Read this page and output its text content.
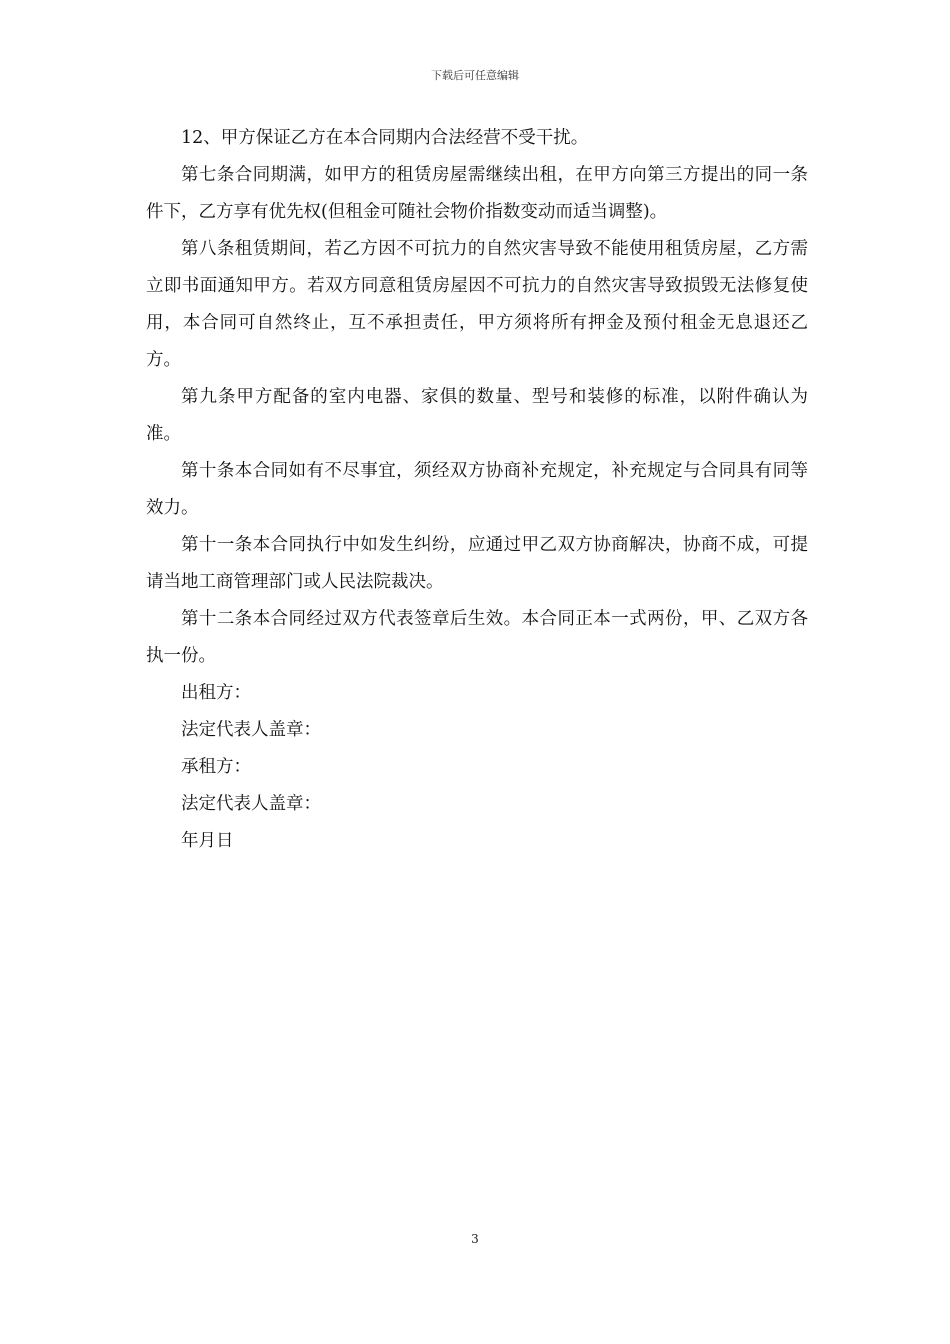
下载后可任意编辑

12、甲方保证乙方在本合同期内合法经营不受干扰。

第七条合同期满，如甲方的租赁房屋需继续出租，在甲方向第三方提出的同一条件下，乙方享有优先权(但租金可随社会物价指数变动而适当调整)。

第八条租赁期间，若乙方因不可抗力的自然灾害导致不能使用租赁房屋，乙方需立即书面通知甲方。若双方同意租赁房屋因不可抗力的自然灾害导致损毁无法修复使用，本合同可自然终止，互不承担责任，甲方须将所有押金及预付租金无息退还乙方。

第九条甲方配备的室内电器、家俱的数量、型号和装修的标准，以附件确认为准。

第十条本合同如有不尽事宜，须经双方协商补充规定，补充规定与合同具有同等效力。

第十一条本合同执行中如发生纠纷，应通过甲乙双方协商解决，协商不成，可提请当地工商管理部门或人民法院裁决。

第十二条本合同经过双方代表签章后生效。本合同正本一式两份，甲、乙双方各执一份。

出租方：

法定代表人盖章：

承租方：

法定代表人盖章：

年月日

3
